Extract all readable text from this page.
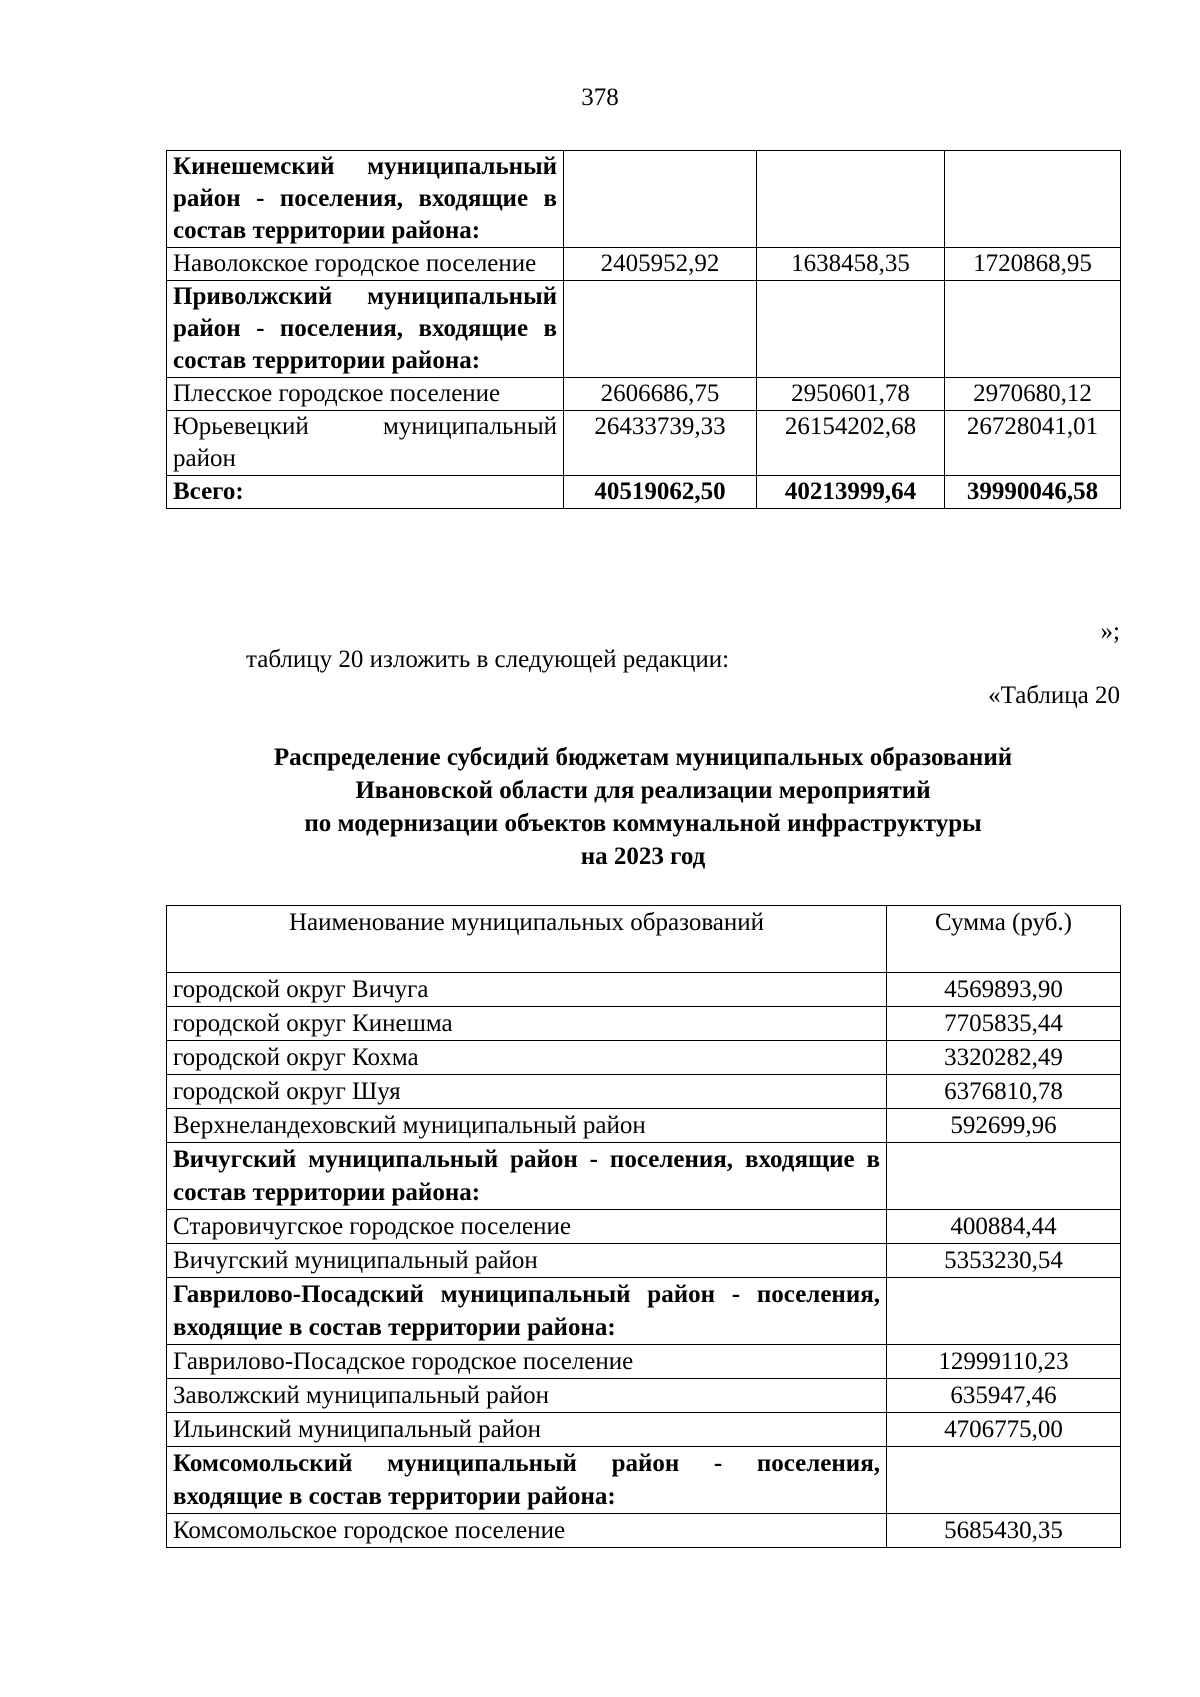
378
Кинешемский муниципальный район - поселения, входящие в состав территории района:			
Наволокское городское поселение	2405952,92	1638458,35	1720868,95
Приволжский муниципальный район - поселения, входящие в состав территории района:			
Плесское городское поселение	2606686,75	2950601,78	2970680,12
Юрьевецкий муниципальный район	26433739,33	26154202,68	26728041,01
Всего:	40519062,50	40213999,64	39990046,58
»;
таблицу 20 изложить в следующей редакции:
«Таблица 20
Распределение субсидий бюджетам муниципальных образований
Ивановской области для реализации мероприятий
по модернизации объектов коммунальной инфраструктуры
на 2023 год
Наименование муниципальных образований	Сумма (руб.)
городской округ Вичуга	4569893,90
городской округ Кинешма	7705835,44
городской округ Кохма	3320282,49
городской округ Шуя	6376810,78
Верхнеландеховский муниципальный район	592699,96
Вичугский муниципальный район - поселения, входящие в состав территории района:	
Старовичугское городское поселение	400884,44
Вичугский муниципальный район	5353230,54
Гаврилово-Посадский муниципальный район - поселения, входящие в состав территории района:	
Гаврилово-Посадское городское поселение	12999110,23
Заволжский муниципальный район	635947,46
Ильинский муниципальный район	4706775,00
Комсомольский муниципальный район - поселения, входящие в состав территории района:	
Комсомольское городское поселение	5685430,35
